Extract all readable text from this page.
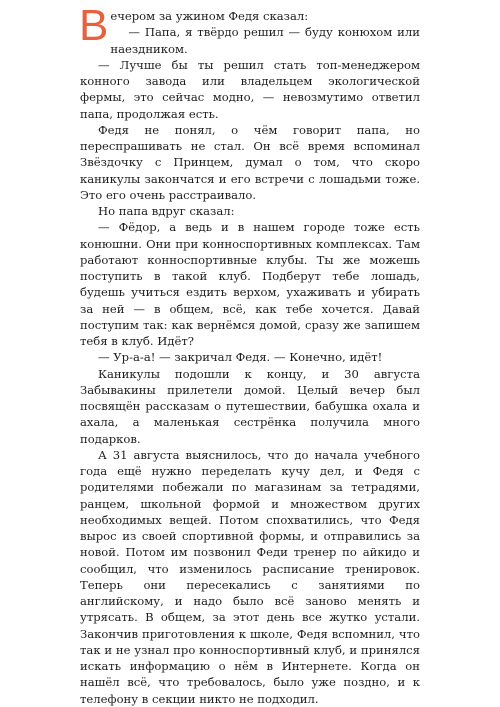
Вечером за ужином Федя сказал:

— Папа, я твёрдо решил — буду конюхом или наездником.

— Лучше бы ты решил стать топ-менеджером конного завода или владельцем экологической фермы, это сейчас модно, — невозмутимо ответил папа, продолжая есть.

Федя не понял, о чём говорит папа, но переспрашивать не стал. Он всё время вспоминал Звёздочку с Принцем, думал о том, что скоро каникулы закончатся и его встречи с лошадьми тоже. Это его очень расстраивало.

Но папа вдруг сказал:

— Фёдор, а ведь и в нашем городе тоже есть конюшни. Они при конноспортивных комплексах. Там работают конноспортивные клубы. Ты же можешь поступить в такой клуб. Подберут тебе лошадь, будешь учиться ездить верхом, ухаживать и убирать за ней — в общем, всё, как тебе хочется. Давай поступим так: как вернёмся домой, сразу же запишем тебя в клуб. Идёт?

— Ур-а-а! — закричал Федя. — Конечно, идёт!

Каникулы подошли к концу, и 30 августа Забывакины прилетели домой. Целый вечер был посвящён рассказам о путешествии, бабушка охала и ахала, а маленькая сестрёнка получила много подарков.

А 31 августа выяснилось, что до начала учебного года ещё нужно переделать кучу дел, и Федя с родителями побежали по магазинам за тетрадями, ранцем, школьной формой и множеством других необходимых вещей. Потом спохватились, что Федя вырос из своей спортивной формы, и отправились за новой. Потом им позвонил Феди тренер по айкидо и сообщил, что изменилось расписание тренировок. Теперь они пересекались с занятиями по английскому, и надо было всё заново менять и утрясать. В общем, за этот день все жутко устали. Закончив приготовления к школе, Федя вспомнил, что так и не узнал про конноспортивный клуб, и принялся искать информацию о нём в Интернете. Когда он нашёл всё, что требовалось, было уже поздно, и к телефону в секции никто не подходил.
